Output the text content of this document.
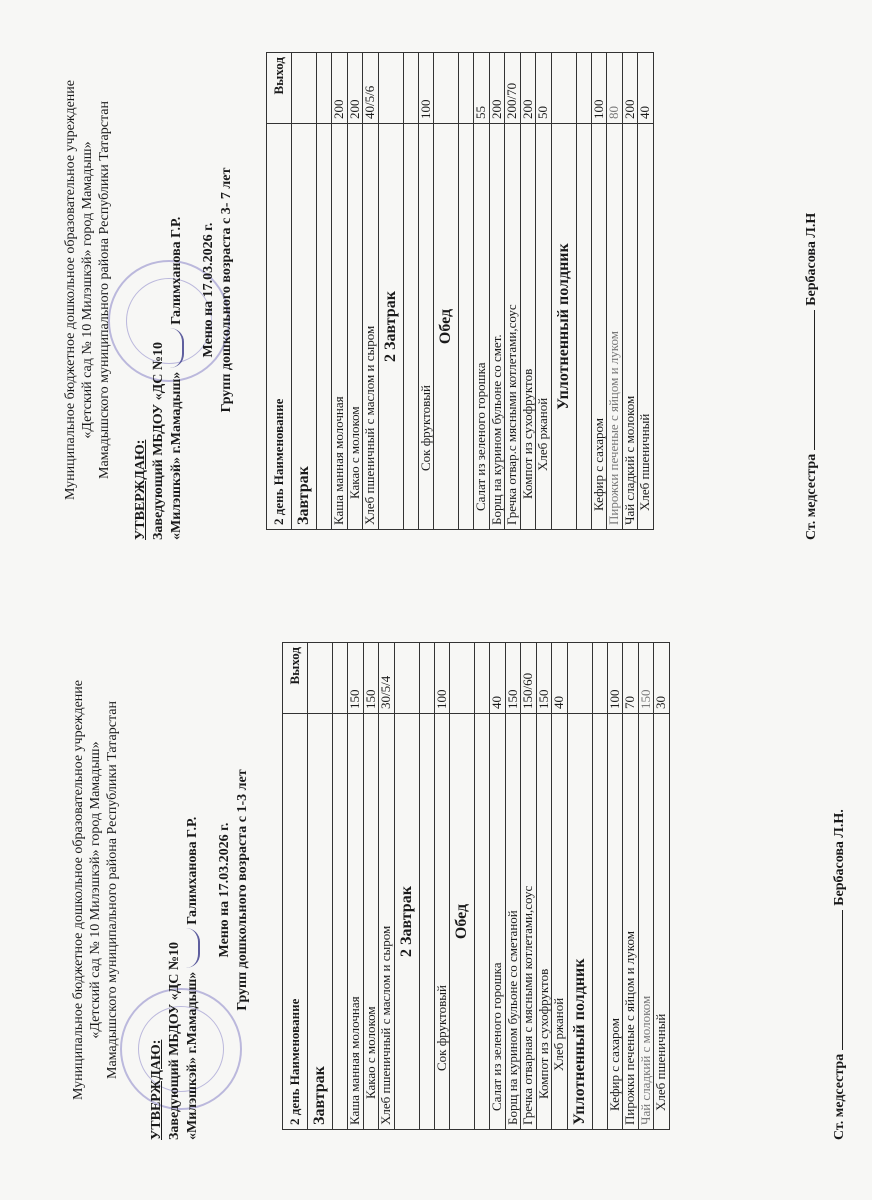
Муниципальное бюджетное дошкольное образовательное учреждение «Детский сад № 10 Милэшкэй» город Мамадыш» Мамадышского муниципального района Республики Татарстан
УТВЕРЖДАЮ: Заведующий МБДОУ «ДС №10 «Милэшкэй» г.Мамадыш»  Галимханова Г.Р. Меню на 17.03.2026 г. Групп дошкольного возраста с 1-3 лет
2 день Наименование	Выход
Завтрак	

Каша манная молочная	150
Какао с молоком	150
Хлеб пшеничный с маслом и сыром	30/5/4
2 Завтрак	

Сок фруктовый	100
Обед	

Салат из зеленого горошка	40
Борщ на курином бульоне со сметаной	150
Гречка отварная с мясными котлетами,соус	150/60
Компот из сухофруктов	150
Хлеб ржаной	40
Уплотненный полдник	

Кефир с сахаром	100
Пирожки печеные с яйцом и луком	70
Чай сладкий с молоком	150
Хлеб пшеничный	30
Ст. медсестраБербасова Л.Н.
Муниципальное бюджетное дошкольное образовательное учреждение «Детский сад № 10 Милэшкэй» город Мамадыш» Мамадышского муниципального района Республики Татарстан
УТВЕРЖДАЮ: Заведующий МБДОУ «ДС №10 «Милэшкэй» г.Мамадыш»  Галимханова Г.Р. Меню на 17.03.2026 г. Групп дошкольного возраста с 3- 7 лет
2 день Наименование	Выход
Завтрак	

Каша манная молочная	200
Какао с молоком	200
Хлеб пшеничный с маслом и сыром	40/5/6
2 Завтрак	

Сок фруктовый	100
Обед	

Салат из зеленого горошка	55
Борщ на курином бульоне со смет.	200
Гречка отвар.с мясными котлетами,соус	200/70
Компот из сухофруктов	200
Хлеб ржаной	50
Уплотненный полдник	

Кефир с сахаром	100
Пирожки печеные с яйцом и луком	80
Чай сладкий с молоком	200
Хлеб пшеничный	40
Ст. медсестраБербасова Л.Н
